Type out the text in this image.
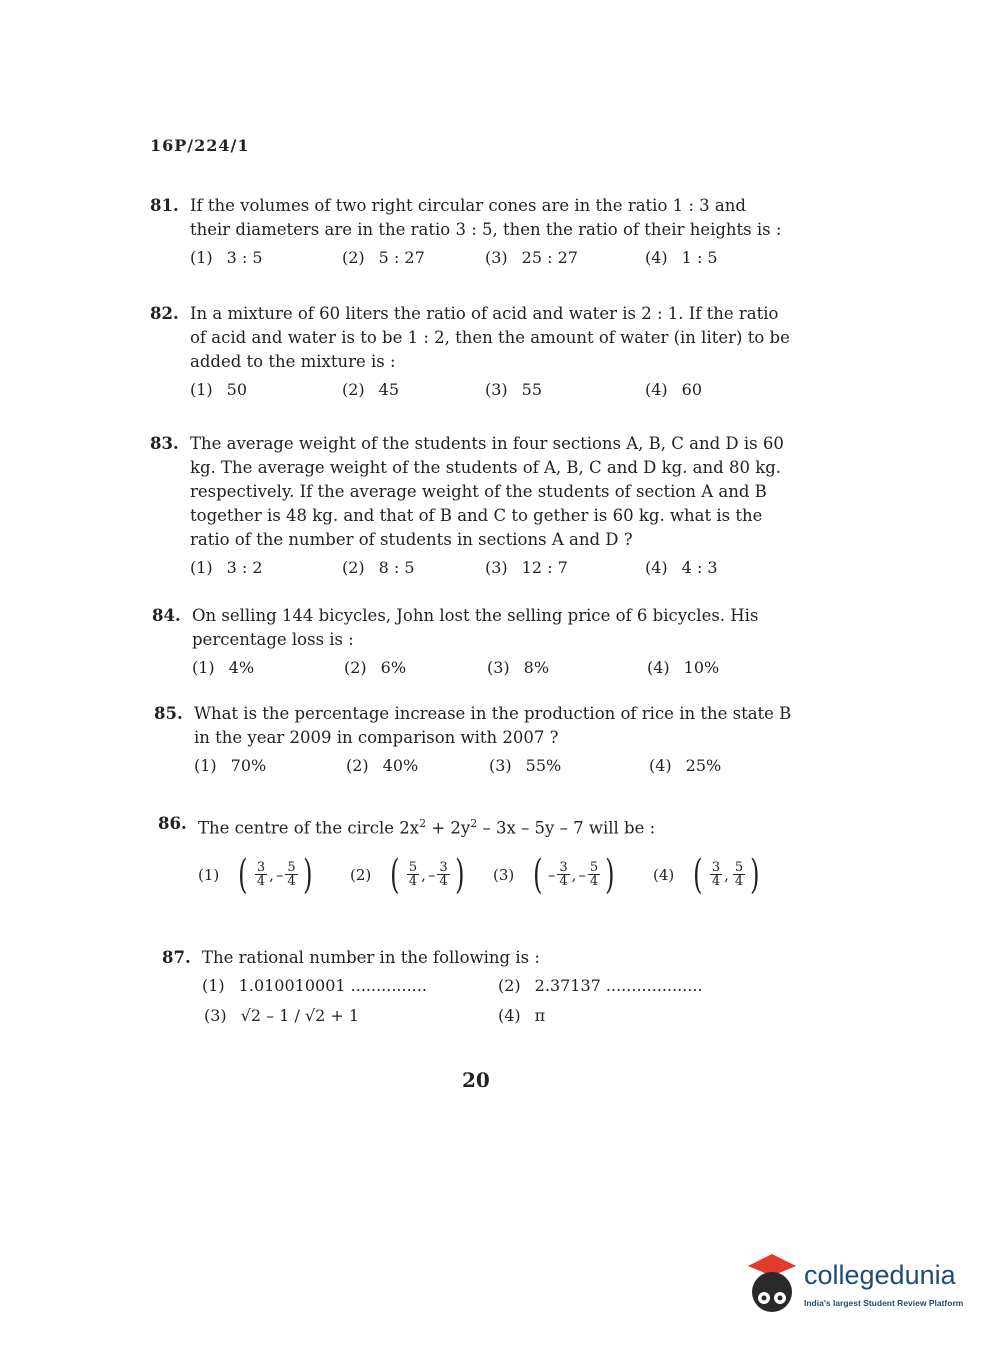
16P/224/1
81. If the volumes of two right circular cones are in the ratio 1 : 3 and their diameters are in the ratio 3 : 5, then the ratio of their heights is :
(1) 3 : 5	(2) 5 : 27	(3) 25 : 27	(4) 1 : 5
82. In a mixture of 60 liters the ratio of acid and water is 2 : 1. If the ratio of acid and water is to be 1 : 2, then the amount of water (in liter) to be added to the mixture is :
(1) 50	(2) 45	(3) 55	(4) 60
83. The average weight of the students in four sections A, B, C and D is 60 kg. The average weight of the students of A, B, C and D kg. and 80 kg. respectively. If the average weight of the students of section A and B together is 48 kg. and that of B and C to gether is 60 kg. what is the ratio of the number of students in sections A and D ?
(1) 3 : 2	(2) 8 : 5	(3) 12 : 7	(4) 4 : 3
84. On selling 144 bicycles, John lost the selling price of 6 bicycles. His percentage loss is :
(1) 4%	(2) 6%	(3) 8%	(4) 10%
85. What is the percentage increase in the production of rice in the state B in the year 2009 in comparison with 2007 ?
(1) 70%	(2) 40%	(3) 55%	(4) 25%
86. The centre of the circle $2x^2 + 2y^2 - 3x - 5y - 7$ will be :
(1) ( $\frac{3}{4}$ , – $\frac{5}{4}$ )	(2) ( $\frac{5}{4}$ , – $\frac{3}{4}$ ) (3) ( – $\frac{3}{4}$ , – $\frac{5}{4}$ )	(4) ( $\frac{3}{4}$ , $\frac{5}{4}$ )
87. The rational number in the following is :
(1) 1.010010001 ...............	(2) 2.37137 ...................
(3) √2 – 1 / √2 + 1	(4) π
20
collegedunia
India's largest Student Review Platform
